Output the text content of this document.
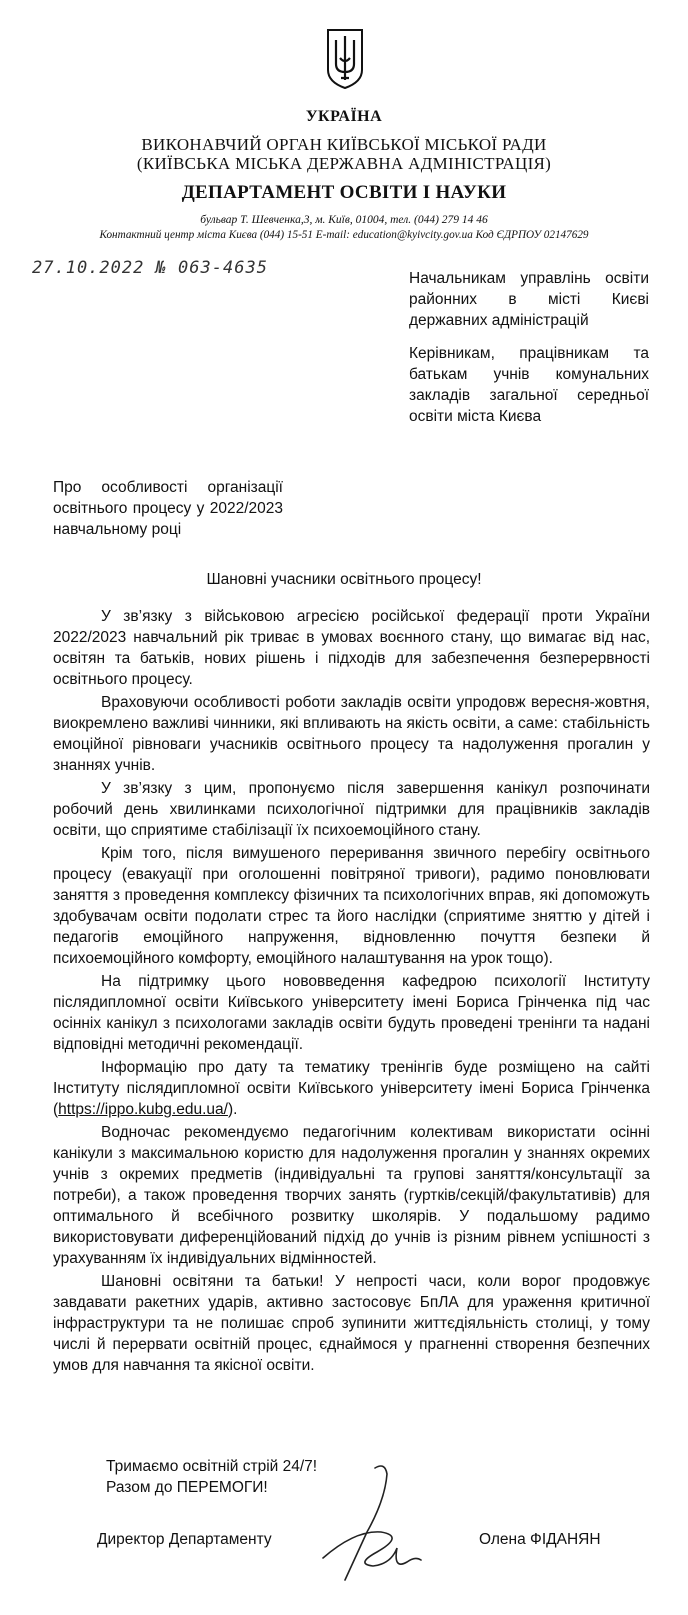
УКРАЇНА
ВИКОНАВЧИЙ ОРГАН КИЇВСЬКОЇ МІСЬКОЇ РАДИ
(КИЇВСЬКА МІСЬКА ДЕРЖАВНА АДМІНІСТРАЦІЯ)
ДЕПАРТАМЕНТ ОСВІТИ І НАУКИ
бульвар Т. Шевченка,3, м. Київ, 01004, тел. (044) 279 14 46
Контактний центр міста Києва (044) 15-51 E-mail: education@kyivcity.gov.ua Код ЄДРПОУ 02147629
27.10.2022 № 063-4635
Начальникам управлінь освіти районних в місті Києві державних адміністрацій
Керівникам, працівникам та батькам учнів комунальних закладів загальної середньої освіти міста Києва
Про особливості організації освітнього процесу у 2022/2023 навчальному році
Шановні учасники освітнього процесу!

У зв’язку з військовою агресією російської федерації проти України 2022/2023 навчальний рік триває в умовах воєнного стану, що вимагає від нас, освітян та батьків, нових рішень і підходів для забезпечення безперервності освітнього процесу.

Враховуючи особливості роботи закладів освіти упродовж вересня-жовтня, виокремлено важливі чинники, які впливають на якість освіти, а саме: стабільність емоційної рівноваги учасників освітнього процесу та надолуження прогалин у знаннях учнів.

У зв’язку з цим, пропонуємо після завершення канікул розпочинати робочий день хвилинками психологічної підтримки для працівників закладів освіти, що сприятиме стабілізації їх психоемоційного стану.

Крім того, після вимушеного переривання звичного перебігу освітнього процесу (евакуації при оголошенні повітряної тривоги), радимо поновлювати заняття з проведення комплексу фізичних та психологічних вправ, які допоможуть здобувачам освіти подолати стрес та його наслідки (сприятиме зняттю у дітей і педагогів емоційного напруження, відновленню почуття безпеки й психоемоційного комфорту, емоційного налаштування на урок тощо).

На підтримку цього нововведення кафедрою психології Інституту післядипломної освіти Київського університету імені Бориса Грінченка під час осінніх канікул з психологами закладів освіти будуть проведені тренінги та надані відповідні методичні рекомендації.

Інформацію про дату та тематику тренінгів буде розміщено на сайті Інституту післядипломної освіти Київського університету імені Бориса Грінченка (https://ippo.kubg.edu.ua/).

Водночас рекомендуємо педагогічним колективам використати осінні канікули з максимальною користю для надолуження прогалин у знаннях окремих учнів з окремих предметів (індивідуальні та групові заняття/консультації за потреби), а також проведення творчих занять (гуртків/секцій/факультативів) для оптимального й всебічного розвитку школярів. У подальшому радимо використовувати диференційований підхід до учнів із різним рівнем успішності з урахуванням їх індивідуальних відмінностей.

Шановні освітяни та батьки! У непрості часи, коли ворог продовжує завдавати ракетних ударів, активно застосовує БпЛА для ураження критичної інфраструктури та не полишає спроб зупинити життєдіяльність столиці, у тому числі й перервати освітній процес, єднаймося у прагненні створення безпечних умов для навчання та якісної освіти.

Тримаємо освітній стрій 24/7!
Разом до ПЕРЕМОГИ!
Директор Департаменту	Олена ФІДАНЯН
